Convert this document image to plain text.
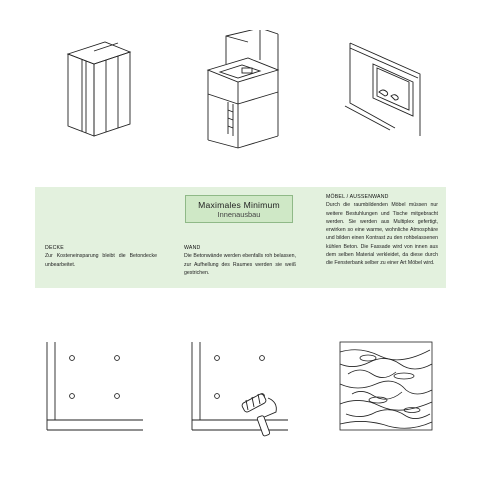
Maximales Minimum
Innenausbau
DECKE
Zur Kosteneinsparung bleibt die Betondecke unbearbeitet.
WAND
Die Betonwände werden ebenfalls roh belassen, zur Aufhellung des Raumes werden sie weiß gestrichen.
MÖBEL / AUSSENWAND
Durch die raumbildenden Möbel müssen nur weitere Bestuhlungen und Tische mitgebracht werden. Sie werden aus Multiplex gefertigt, erwirken so eine warme, wohnliche Atmosphäre und bilden einen Kontrast zu den rohbelassenen kühlen Beton. Die Fassade wird von innen aus dem selben Material verkleidet, da diese durch die Fensterbank selber zu einer Art Möbel wird.
